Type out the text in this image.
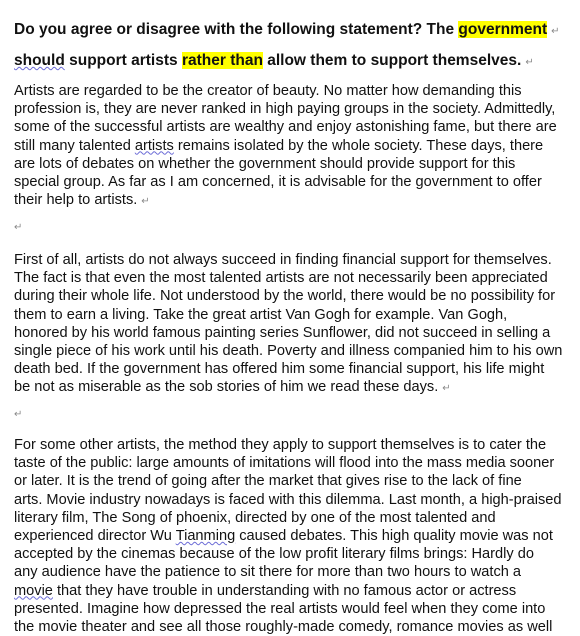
Do you agree or disagree with the following statement? The government ↵
should support artists rather than allow them to support themselves. ↵
Artists are regarded to be the creator of beauty. No matter how demanding this
profession is, they are never ranked in high paying groups in the society. Admittedly,
some of the successful artists are wealthy and enjoy astonishing fame, but there are
still many talented artists remains isolated by the whole society. These days, there
are lots of debates on whether the government should provide support for this
special group. As far as I am concerned, it is advisable for the government to offer
their help to artists. ↵
↵
First of all, artists do not always succeed in finding financial support for themselves.
The fact is that even the most talented artists are not necessarily been appreciated
during their whole life. Not understood by the world, there would be no possibility for
them to earn a living. Take the great artist Van Gogh for example. Van Gogh,
honored by his world famous painting series Sunflower, did not succeed in selling a
single piece of his work until his death. Poverty and illness companied him to his own
death bed. If the government has offered him some financial support, his life might
be not as miserable as the sob stories of him we read these days. ↵
↵
For some other artists, the method they apply to support themselves is to cater the
taste of the public: large amounts of imitations will flood into the mass media sooner
or later. It is the trend of going after the market that gives rise to the lack of fine
arts. Movie industry nowadays is faced with this dilemma. Last month, a high-praised
literary film, The Song of phoenix, directed by one of the most talented and
experienced director Wu Tianming caused debates. This high quality movie was not
accepted by the cinemas because of the low profit literary films brings: Hardly do
any audience have the patience to sit there for more than two hours to watch a
movie that they have trouble in understanding with no famous actor or actress
presented. Imagine how depressed the real artists would feel when they come into
the movie theater and see all those roughly-made comedy, romance movies as well
